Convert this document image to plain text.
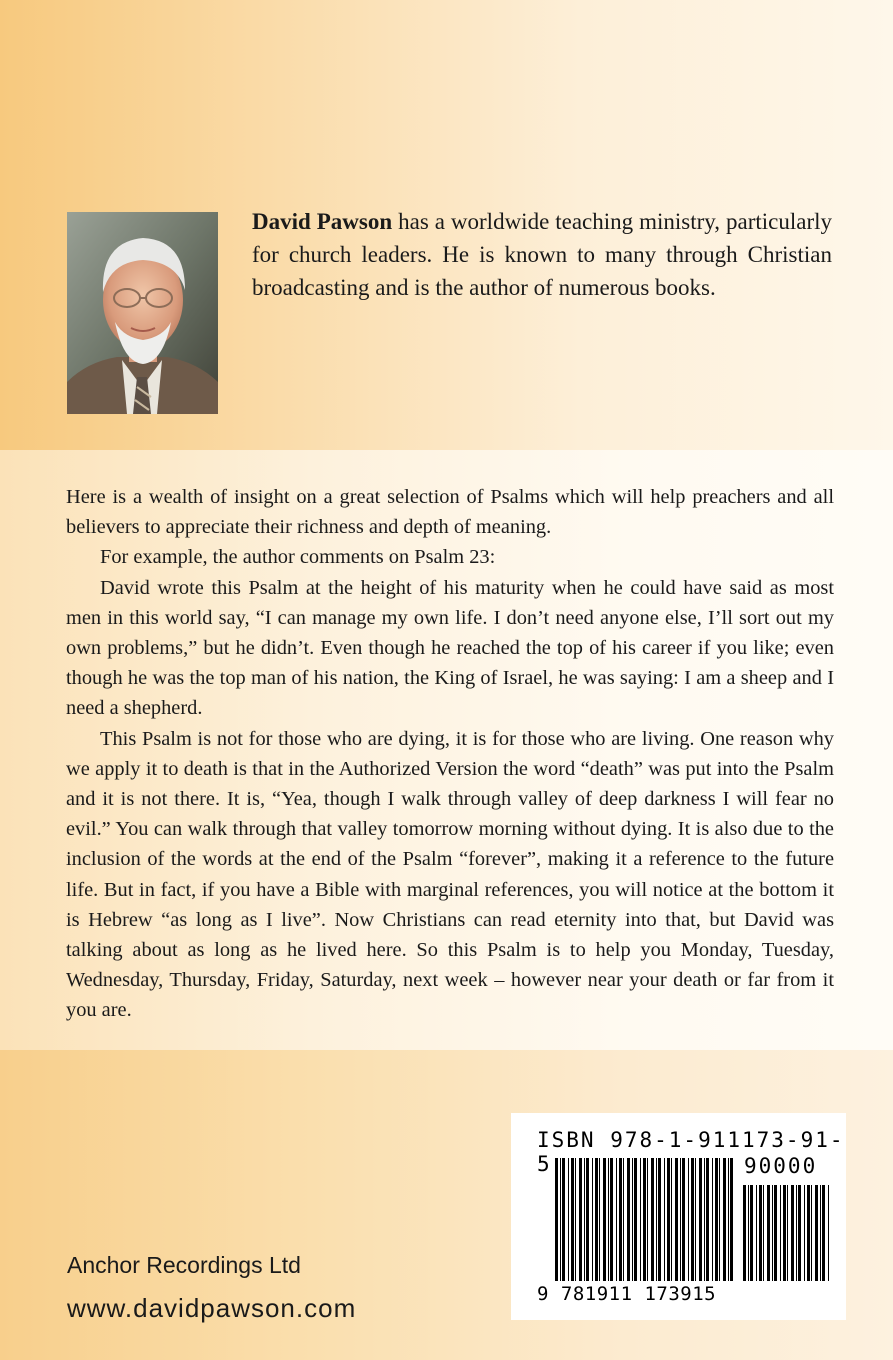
David Pawson has a worldwide teaching ministry, particularly for church leaders. He is known to many through Christian broadcasting and is the author of numerous books.

Here is a wealth of insight on a great selection of Psalms which will help preachers and all believers to appreciate their richness and depth of meaning.

For example, the author comments on Psalm 23:

David wrote this Psalm at the height of his maturity when he could have said as most men in this world say, “I can manage my own life. I don’t need anyone else, I’ll sort out my own problems,” but he didn’t. Even though he reached the top of his career if you like; even though he was the top man of his nation, the King of Israel, he was saying: I am a sheep and I need a shepherd.

This Psalm is not for those who are dying, it is for those who are living. One reason why we apply it to death is that in the Authorized Version the word “death” was put into the Psalm and it is not there. It is, “Yea, though I walk through valley of deep darkness I will fear no evil.” You can walk through that valley tomorrow morning without dying. It is also due to the inclusion of the words at the end of the Psalm “forever”, making it a reference to the future life. But in fact, if you have a Bible with marginal references, you will notice at the bottom it is Hebrew “as long as I live”. Now Christians can read eternity into that, but David was talking about as long as he lived here. So this Psalm is to help you Monday, Tuesday, Wednesday, Thursday, Friday, Saturday, next week – however near your death or far from it you are.

Anchor Recordings Ltd
www.davidpawson.com
ISBN 978-1-911173-91-5	90000
9 781911 173915
